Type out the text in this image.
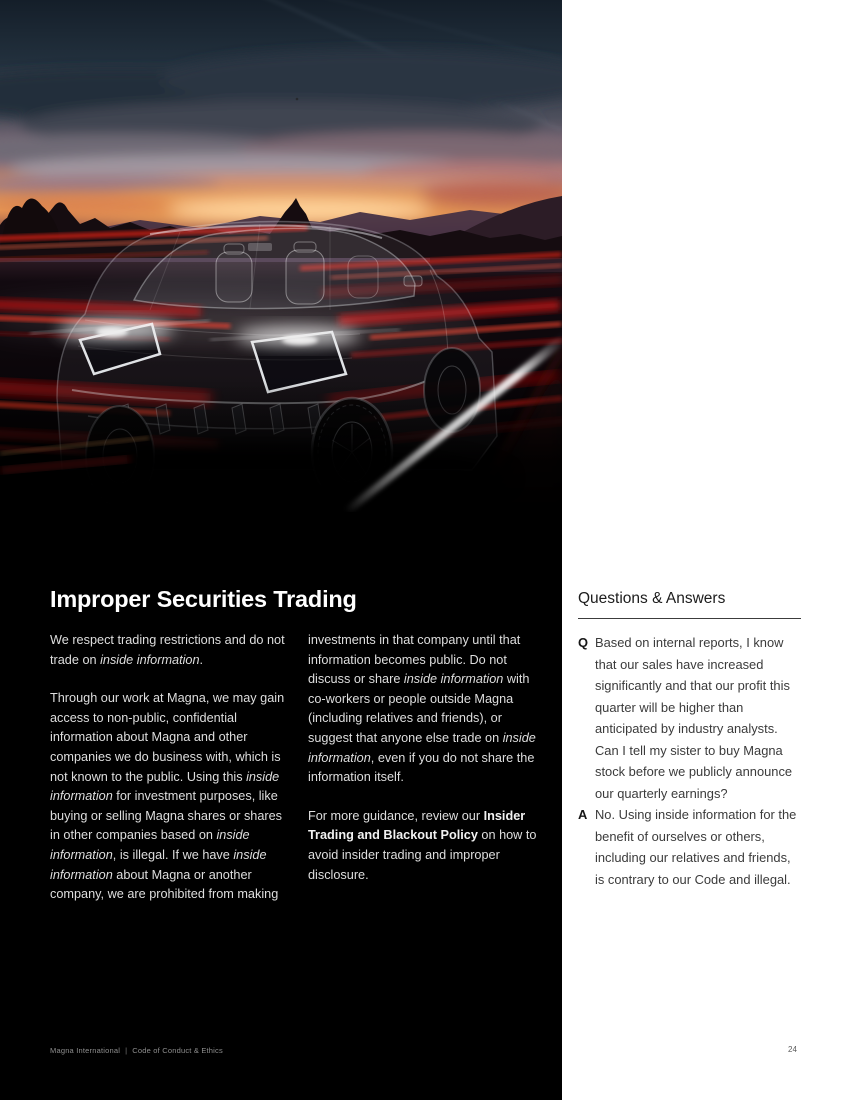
Improper Securities Trading

We respect trading restrictions and do not trade on inside information.

Through our work at Magna, we may gain access to non-public, confidential information about Magna and other companies we do business with, which is not known to the public. Using this inside information for investment purposes, like buying or selling Magna shares or shares in other companies based on inside information, is illegal. If we have inside information about Magna or another company, we are prohibited from making

investments in that company until that information becomes public. Do not discuss or share inside information with co-workers or people outside Magna (including relatives and friends), or suggest that anyone else trade on inside information, even if you do not share the information itself.

For more guidance, review our Insider Trading and Blackout Policy on how to avoid insider trading and improper disclosure.

Magna International | Code of Conduct & Ethics
Questions & Answers
Q Based on internal reports, I know that our sales have increased significantly and that our profit this quarter will be higher than anticipated by industry analysts. Can I tell my sister to buy Magna stock before we publicly announce our quarterly earnings?
A No. Using inside information for the benefit of ourselves or others, including our relatives and friends, is contrary to our Code and illegal.
24
